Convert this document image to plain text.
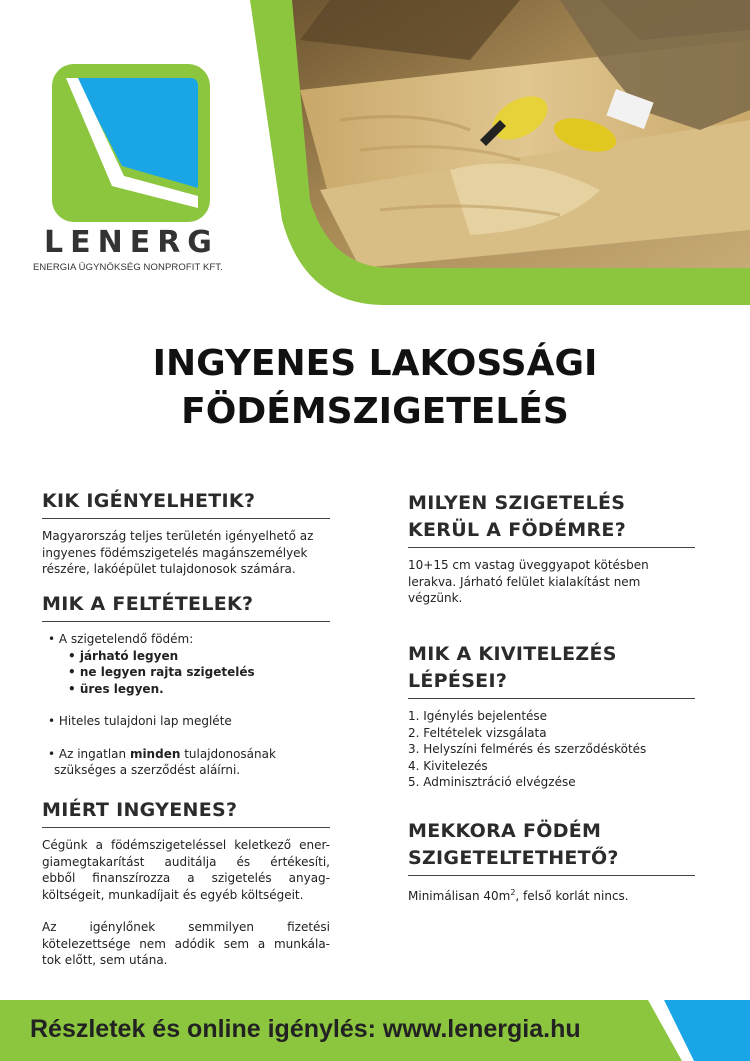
LENERG
ENERGIA ÜGYNÖKSÉG NONPROFIT KFT.
INGYENES LAKOSSÁGI
FÖDÉMSZIGETELÉS
KIK IGÉNYELHETIK?
Magyarország teljes területén igényelhető az
ingyenes födémszigetelés magánszemélyek
részére, lakóépület tulajdonosok számára.
MIK A FELTÉTELEK?
• A szigetelendő födém:
• járható legyen
• ne legyen rajta szigetelés
• üres legyen.
• Hiteles tulajdoni lap megléte
• Az ingatlan minden tulajdonosának
szükséges a szerződést aláírni.
MIÉRT INGYENES?
Cégünk a födémszigeteléssel keletkező ener-
giamegtakarítást auditálja és értékesíti,
ebből finanszírozza a szigetelés anyag-
költségeit, munkadíjait és egyéb költségeit.
Az igénylőnek semmilyen fizetési
kötelezettsége nem adódik sem a munkála-
tok előtt, sem utána.
MILYEN SZIGETELÉS
KERÜL A FÖDÉMRE?
10+15 cm vastag üveggyapot kötésben
lerakva. Járható felület kialakítást nem
végzünk.
MIK A KIVITELEZÉS
LÉPÉSEI?
1. Igénylés bejelentése
2. Feltételek vizsgálata
3. Helyszíni felmérés és szerződéskötés
4. Kivitelezés
5. Adminisztráció elvégzése
MEKKORA FÖDÉM
SZIGETELTETHETŐ?
Minimálisan $40m^2$, felső korlát nincs.
Részletek és online igénylés: www.lenergia.hu
